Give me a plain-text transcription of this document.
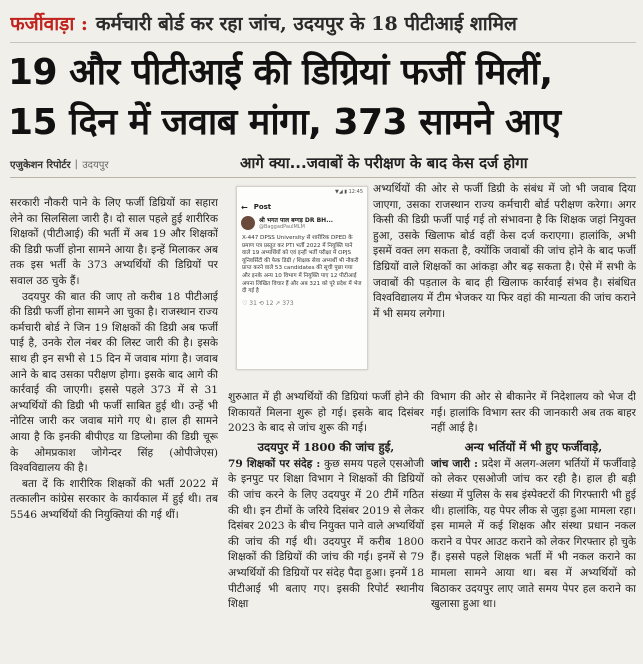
फर्जीवाड़ा : कर्मचारी बोर्ड कर रहा जांच, उदयपुर के 18 पीटीआई शामिल
19 और पीटीआई की डिग्रियां फर्जी मिलीं,
15 दिन में जवाब मांगा, 373 सामने आए
एजुकेशन रिपोर्टर | उदयपुर	आगे क्या...जवाबों के परीक्षण के बाद केस दर्ज होगा

सरकारी नौकरी पाने के लिए फर्जी डिग्रियों का सहारा लेने का सिलसिला जारी है। दो साल पहले हुई शारीरिक शिक्षकों (पीटीआई) की भर्ती में अब 19 और शिक्षकों की डिग्री फर्जी होना सामने आया है। इन्हें मिलाकर अब तक इस भर्ती के 373 अभ्यर्थियों की डिग्रियों पर सवाल उठ चुके हैं।

उदयपुर की बात की जाए तो करीब 18 पीटीआई की डिग्री फर्जी होना सामने आ चुका है। राजस्थान राज्य कर्मचारी बोर्ड ने जिन 19 शिक्षकों की डिग्री अब फर्जी पाई है, उनके रोल नंबर की लिस्ट जारी की है। इसके साथ ही इन सभी से 15 दिन में जवाब मांगा है। जवाब आने के बाद उसका परीक्षण होगा। इसके बाद आगे की कार्रवाई की जाएगी। इससे पहले 373 में से 31 अभ्यर्थियों की डिग्री भी फर्जी साबित हुई थी। उन्हें भी नोटिस जारी कर जवाब मांगे गए थे। हाल ही सामने आया है कि इनकी बीपीएड या डिप्लोमा की डिग्री चूरू के ओमप्रकाश जोगेन्दर सिंह (ओपीजेएस) विश्वविद्यालय की है।

बता दें कि शारीरिक शिक्षकों की भर्ती 2022 में तत्कालीन कांग्रेस सरकार के कार्यकाल में हुई थी। तब 5546 अभ्यर्थियों की नियुक्तियां की गई थीं।

▼◢ ▮ 12:45
← Post
श्री भगत पाल बग्गड़ DR BH...
@BaggadPaulMLM
X-447 DPSS University से शारीरिक DPED के प्रमाण पत्र प्रस्तुत कर PTI भर्ती 2022 में नियुक्ति पाने वाले 19 अभ्यर्थियों को एवं इन्हीं भर्ती परीक्षा में OPJS यूनिवर्सिटी की फेक डिग्री / शिक्षक सेवा अभ्यर्थी भी नौकरी प्राप्त करने वाले 53 candidates की सूची पूछा गया और इनके अन्य 10 विभाग में नियुक्ति पाए 12 पीटीआई अपना लिखित विचार हैं और अब 321 को पूरे प्रदेश में भेज दी गई है
♡ 31 ⟲ 12 ↗ 373

अभ्यर्थियों की ओर से फर्जी डिग्री के संबंध में जो भी जवाब दिया जाएगा, उसका राजस्थान राज्य कर्मचारी बोर्ड परीक्षण करेगा। अगर किसी की डिग्री फर्जी पाई गई तो संभावना है कि शिक्षक जहां नियुक्त हुआ, उसके खिलाफ बोर्ड वहीं केस दर्ज कराएगा। हालांकि, अभी इसमें वक्त लग सकता है, क्योंकि जवाबों की जांच होने के बाद फर्जी डिग्रियों वाले शिक्षकों का आंकड़ा और बढ़ सकता है। ऐसे में सभी के जवाबों की पड़ताल के बाद ही खिलाफ कार्रवाई संभव है। संबंधित विश्वविद्यालय में टीम भेजकर या फिर वहां की मान्यता की जांच कराने में भी समय लगेगा।

शुरुआत में ही अभ्यर्थियों की डिग्रियां फर्जी होने की शिकायतें मिलना शुरू हो गई। इसके बाद दिसंबर 2023 के बाद से जांच शुरू की गई।

उदयपुर में 1800 की जांच हुई,

79 शिक्षकों पर संदेह : कुछ समय पहले एसओजी के इनपुट पर शिक्षा विभाग ने शिक्षकों की डिग्रियों की जांच करने के लिए उदयपुर में 20 टीमें गठित की थी। इन टीमों के जरिये दिसंबर 2019 से लेकर दिसंबर 2023 के बीच नियुक्त पाने वाले अभ्यर्थियों की जांच की गई थी। उदयपुर में करीब 1800 शिक्षकों की डिग्रियों की जांच की गई। इनमें से 79 अभ्यर्थियों की डिग्रियों पर संदेह पैदा हुआ। इनमें 18 पीटीआई भी बताए गए। इसकी रिपोर्ट स्थानीय शिक्षा

विभाग की ओर से बीकानेर में निदेशालय को भेज दी गई। हालांकि विभाग स्तर की जानकारी अब तक बाहर नहीं आई है।

अन्य भर्तियों में भी हुए फर्जीवाड़े,

जांच जारी : प्रदेश में अलग-अलग भर्तियों में फर्जीवाड़े को लेकर एसओजी जांच कर रही है। हाल ही बड़ी संख्या में पुलिस के सब इंस्पेक्टरों की गिरफ्तारी भी हुई थी। हालांकि, यह पेपर लीक से जुड़ा हुआ मामला रहा। इस मामले में कई शिक्षक और संस्था प्रधान नकल कराने व पेपर आउट कराने को लेकर गिरफ्तार हो चुके हैं। इससे पहले शिक्षक भर्ती में भी नकल कराने का मामला सामने आया था। बस में अभ्यर्थियों को बिठाकर उदयपुर लाए जाते समय पेपर हल कराने का खुलासा हुआ था।
